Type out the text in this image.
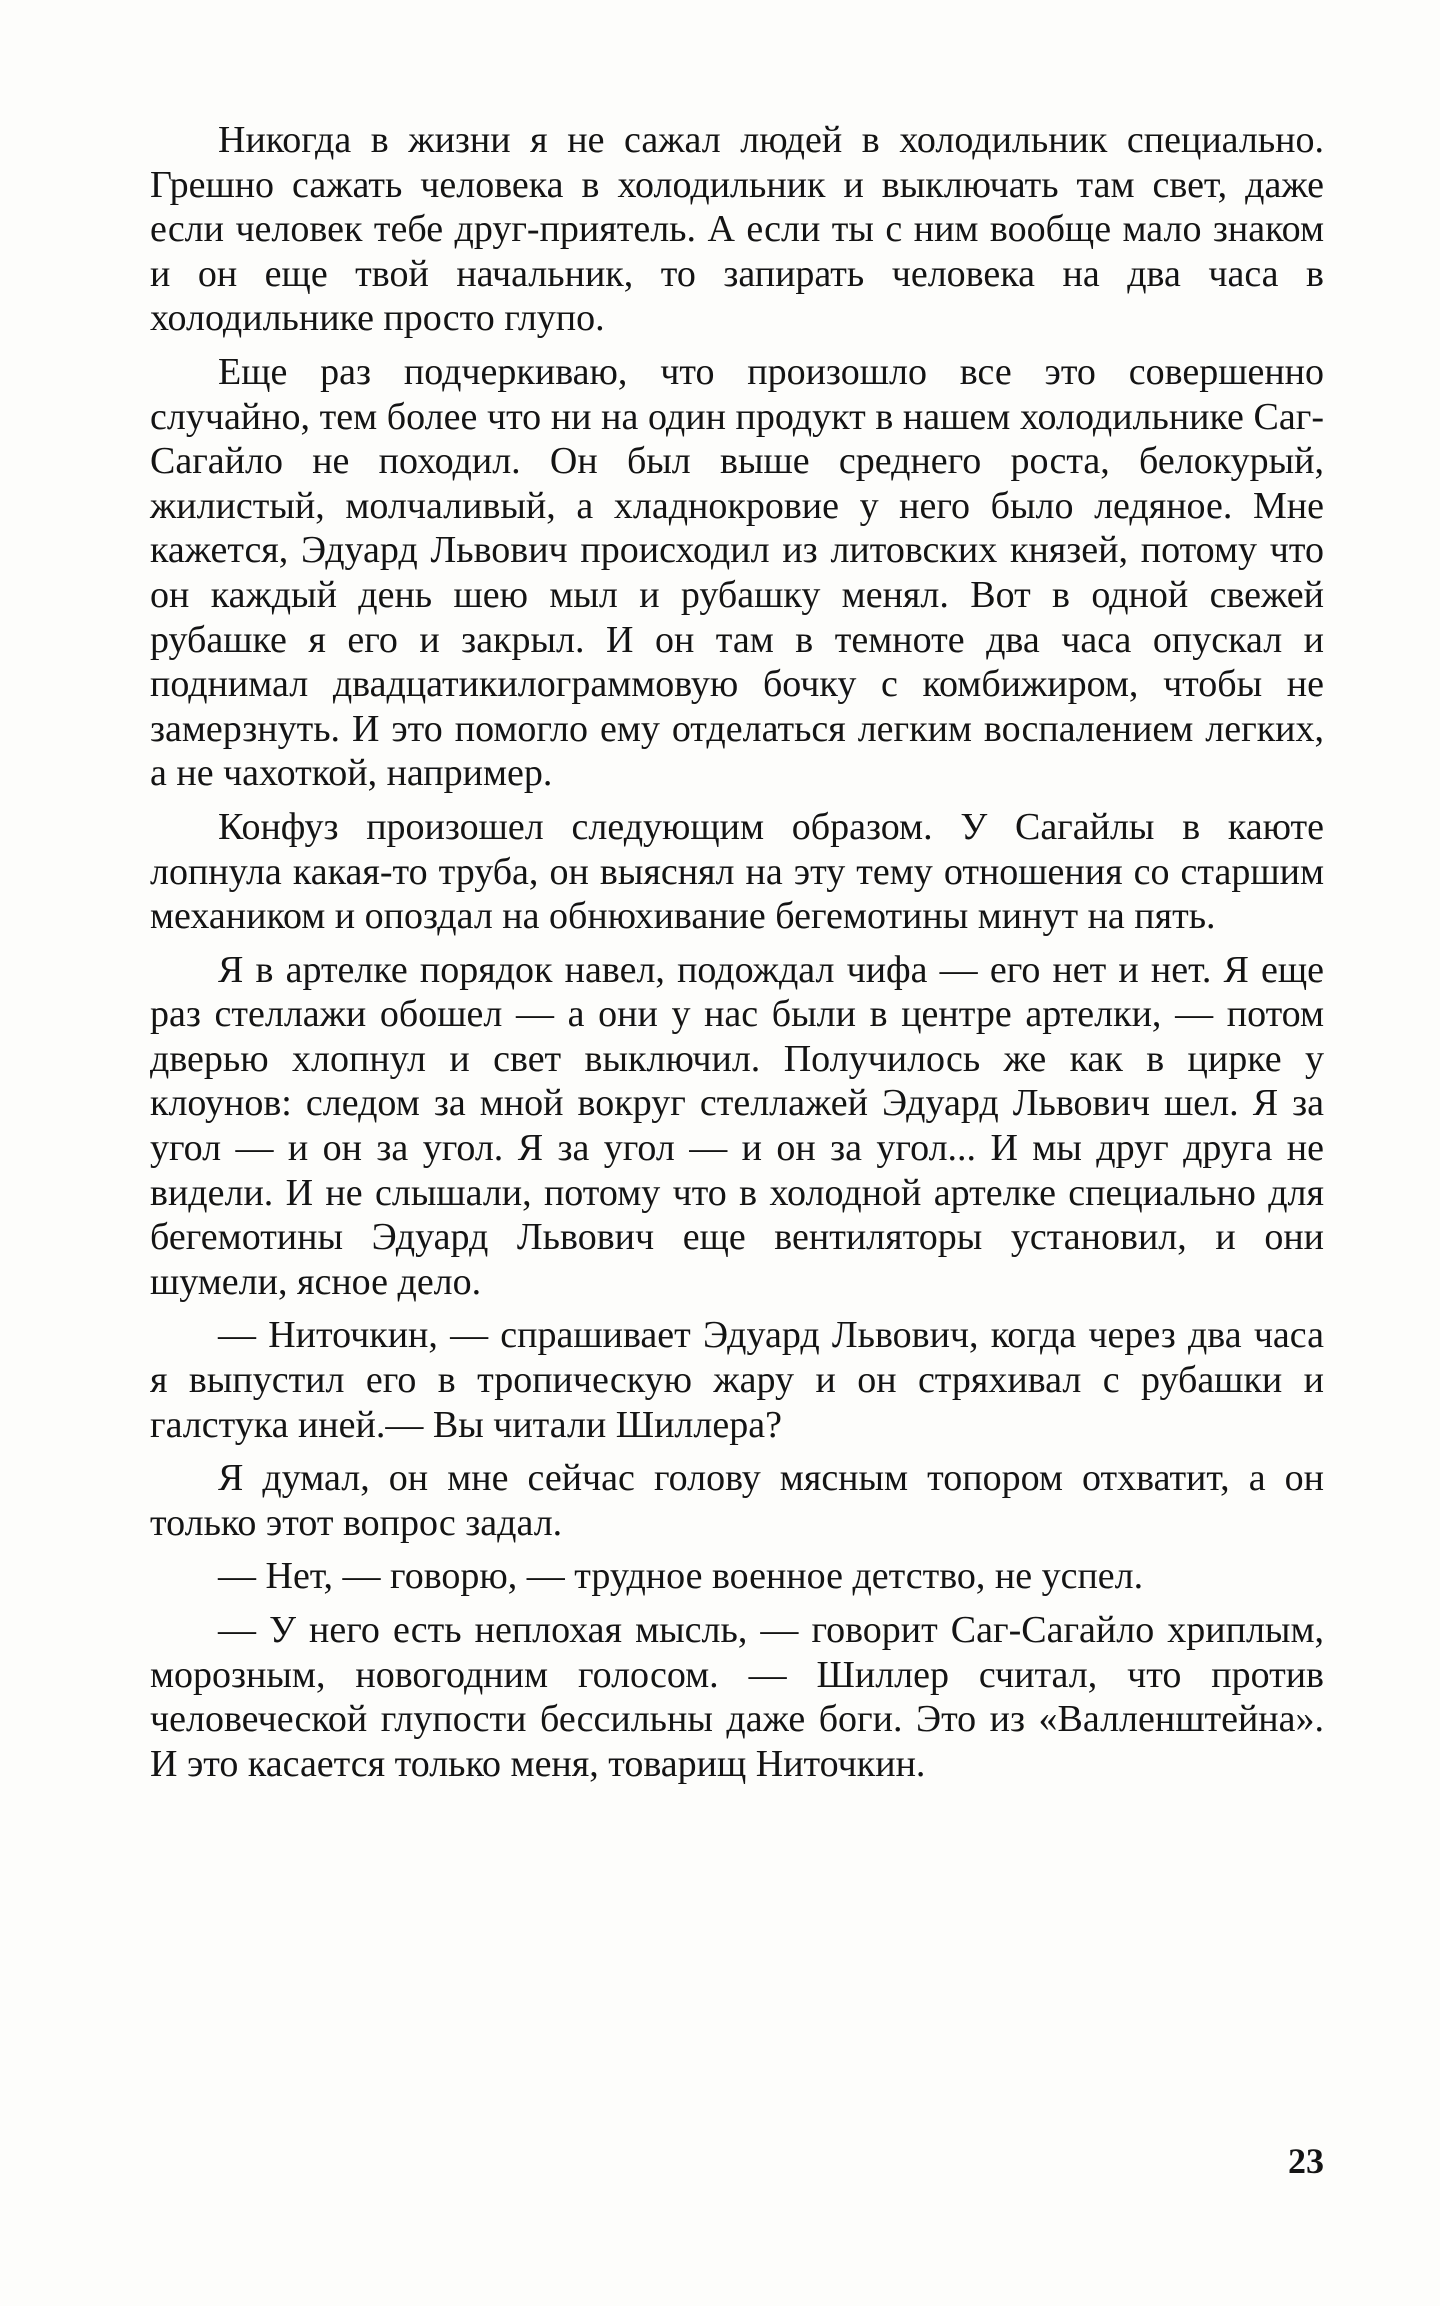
Никогда в жизни я не сажал людей в холодильник специально. Грешно сажать человека в холодильник и выключать там свет, даже если человек тебе друг-приятель. А если ты с ним вообще мало знаком и он еще твой начальник, то запирать человека на два часа в холодильнике просто глупо.

Еще раз подчеркиваю, что произошло все это совершенно случайно, тем более что ни на один продукт в нашем холодильнике Саг-Сагайло не походил. Он был выше среднего роста, белокурый, жилистый, молчаливый, а хладнокровие у него было ледяное. Мне кажется, Эдуард Львович происходил из литовских князей, потому что он каждый день шею мыл и рубашку менял. Вот в одной свежей рубашке я его и закрыл. И он там в темноте два часа опускал и поднимал двадцатикилограммовую бочку с комбижиром, чтобы не замерзнуть. И это помогло ему отделаться легким воспалением легких, а не чахоткой, например.

Конфуз произошел следующим образом. У Сагайлы в каюте лопнула какая-то труба, он выяснял на эту тему отношения со старшим механиком и опоздал на обнюхивание бегемотины минут на пять.

Я в артелке порядок навел, подождал чифа — его нет и нет. Я еще раз стеллажи обошел — а они у нас были в центре артелки, — потом дверью хлопнул и свет выключил. Получилось же как в цирке у клоунов: следом за мной вокруг стеллажей Эдуард Львович шел. Я за угол — и он за угол. Я за угол — и он за угол... И мы друг друга не видели. И не слышали, потому что в холодной артелке специально для бегемотины Эдуард Львович еще вентиляторы установил, и они шумели, ясное дело.

— Ниточкин, — спрашивает Эдуард Львович, когда через два часа я выпустил его в тропическую жару и он стряхивал с рубашки и галстука иней.— Вы читали Шиллера?

Я думал, он мне сейчас голову мясным топором отхватит, а он только этот вопрос задал.

— Нет, — говорю, — трудное военное детство, не успел.

— У него есть неплохая мысль, — говорит Саг-Сагайло хриплым, морозным, новогодним голосом. — Шиллер считал, что против человеческой глупости бессильны даже боги. Это из «Валленштейна». И это касается только меня, товарищ Ниточкин.

23
